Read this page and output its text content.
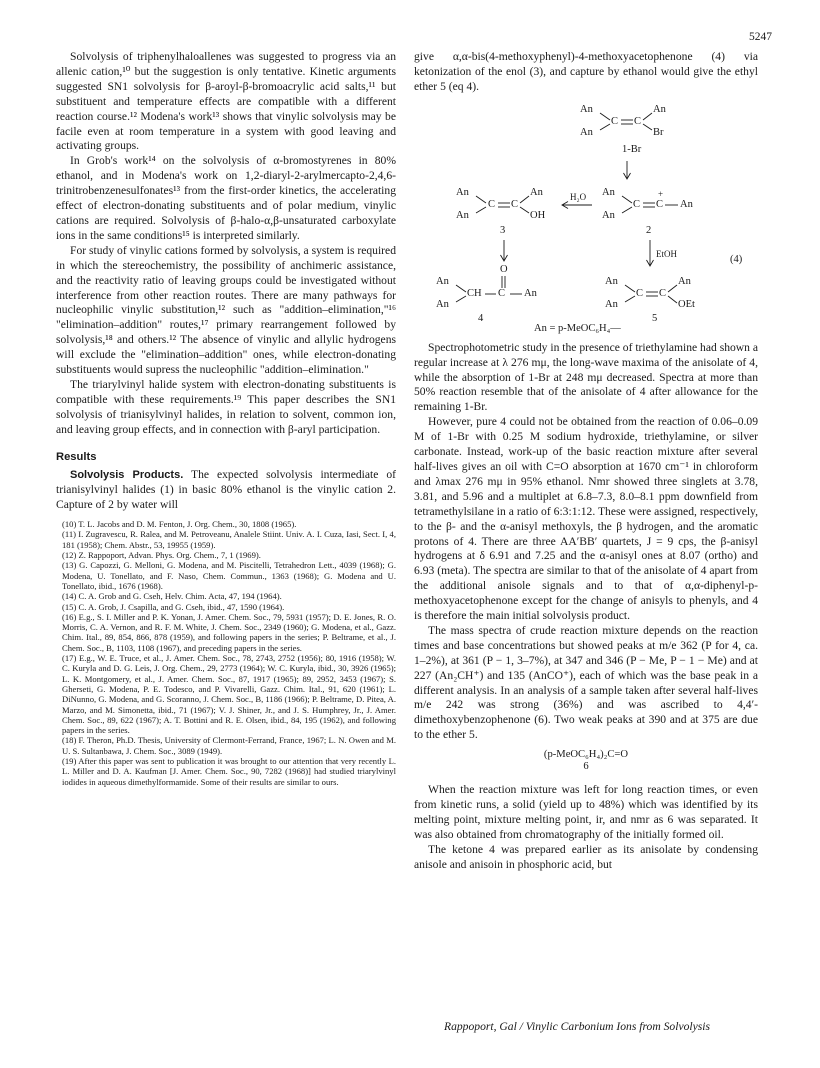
5247

Solvolysis of triphenylhaloallenes was suggested to progress via an allenic cation,¹⁰ but the suggestion is only tentative. Kinetic arguments suggested SN1 solvolysis for β-aroyl-β-bromoacrylic acid salts,¹¹ but substituent and temperature effects are compatible with a different reaction course.¹² Modena's work¹³ shows that vinylic solvolysis may be facile even at room temperature in a system with good leaving and activating groups.

In Grob's work¹⁴ on the solvolysis of α-bromostyrenes in 80% ethanol, and in Modena's work on 1,2-diaryl-2-arylmercapto-2,4,6-trinitrobenzenesulfonates¹³ from the first-order kinetics, the accelerating effect of electron-donating substituents and of polar medium, vinylic cations are required. Solvolysis of β-halo-α,β-unsaturated carboxylate ions in the same conditions¹⁵ is interpreted similarly.

For study of vinylic cations formed by solvolysis, a system is required in which the stereochemistry, the possibility of anchimeric assistance, and the reactivity ratio of leaving groups could be investigated without interference from other reaction routes. There are many pathways for nucleophilic vinylic substitution,¹² such as "addition–elimination,"¹⁶ "elimination–addition" routes,¹⁷ primary rearrangement followed by solvolysis,¹⁸ and others.¹² The absence of vinylic and allylic hydrogens will exclude the "elimination–addition" ones, while electron-donating substituents would supress the nucleophilic "addition–elimination."

The triarylvinyl halide system with electron-donating substituents is compatible with these requirements.¹⁹ This paper describes the SN1 solvolysis of trianisylvinyl halides, in relation to solvent, common ion, and leaving group effects, and in connection with β-aryl participation.

Results

Solvolysis Products. The expected solvolysis intermediate of trianisylvinyl halides (1) in basic 80% ethanol is the vinylic cation 2. Capture of 2 by water will

(10) T. L. Jacobs and D. M. Fenton, J. Org. Chem., 30, 1808 (1965).
(11) I. Zugravescu, R. Ralea, and M. Petroveanu, Analele Stiint. Univ. A. I. Cuza, Iasi, Sect. I, 4, 181 (1958); Chem. Abstr., 53, 19955 (1959).
(12) Z. Rappoport, Advan. Phys. Org. Chem., 7, 1 (1969).
(13) G. Capozzi, G. Melloni, G. Modena, and M. Piscitelli, Tetrahedron Lett., 4039 (1968); G. Modena, U. Tonellato, and F. Naso, Chem. Commun., 1363 (1968); G. Modena and U. Tonellato, ibid., 1676 (1968).
(14) C. A. Grob and G. Cseh, Helv. Chim. Acta, 47, 194 (1964).
(15) C. A. Grob, J. Csapilla, and G. Cseh, ibid., 47, 1590 (1964).
(16) E.g., S. I. Miller and P. K. Yonan, J. Amer. Chem. Soc., 79, 5931 (1957); D. E. Jones, R. O. Morris, C. A. Vernon, and R. F. M. White, J. Chem. Soc., 2349 (1960); G. Modena, et al., Gazz. Chim. Ital., 89, 854, 866, 878 (1959), and following papers in the series; P. Beltrame, et al., J. Chem. Soc., B, 1103, 1108 (1967), and preceding papers in the series.
(17) E.g., W. E. Truce, et al., J. Amer. Chem. Soc., 78, 2743, 2752 (1956); 80, 1916 (1958); W. C. Kuryla and D. G. Leis, J. Org. Chem., 29, 2773 (1964); W. C. Kuryla, ibid., 30, 3926 (1965); L. K. Montgomery, et al., J. Amer. Chem. Soc., 87, 1917 (1965); 89, 2952, 3453 (1967); S. Gherseti, G. Modena, P. E. Todesco, and P. Vivarelli, Gazz. Chim. Ital., 91, 620 (1961); L. DiNunno, G. Modena, and G. Scoranno, J. Chem. Soc., B, 1186 (1966); P. Beltrame, D. Pitea, A. Marzo, and M. Simonetta, ibid., 71 (1967); V. J. Shiner, Jr., and J. S. Humphrey, Jr., J. Amer. Chem. Soc., 89, 622 (1967); A. T. Bottini and R. E. Olsen, ibid., 84, 195 (1962), and following papers in the series.
(18) F. Theron, Ph.D. Thesis, University of Clermont-Ferrand, France, 1967; L. N. Owen and M. U. S. Sultanbawa, J. Chem. Soc., 3089 (1949).
(19) After this paper was sent to publication it was brought to our attention that very recently L. L. Miller and D. A. Kaufman [J. Amer. Chem. Soc., 90, 7282 (1968)] had studied triarylvinyl iodides in aqueous dimethylformamide. Some of their results are similar to ours.

give α,α-bis(4-methoxyphenyl)-4-methoxyacetophenone (4) via ketonization of the enol (3), and capture by ethanol would give the ethyl ether 5 (eq 4).

An
An
C C
An
Br
1-Br
An
An
C C
An
OH
3
H₂O An
An
C C
+
An
2
EtOH	(4)
O
An
An
CH C An
4
An
An
C C
An
OEt
5
An = p-MeOC₆H₄—

Spectrophotometric study in the presence of triethylamine had shown a regular increase at λ 276 mμ, the long-wave maxima of the anisolate of 4, while the absorption of 1-Br at 248 mμ decreased. Spectra at more than 50% reaction resemble that of the anisolate of 4 after allowance for the remaining 1-Br.

However, pure 4 could not be obtained from the reaction of 0.06–0.09 M of 1-Br with 0.25 M sodium hydroxide, triethylamine, or silver carbonate. Instead, work-up of the basic reaction mixture after several half-lives gives an oil with C=O absorption at 1670 cm⁻¹ in chloroform and λmax 276 mμ in 95% ethanol. Nmr showed three singlets at 3.78, 3.81, and 5.96 and a multiplet at 6.8–7.3, 8.0–8.1 ppm downfield from tetramethylsilane in a ratio of 6:3:1:12. These were assigned, respectively, to the β- and the α-anisyl methoxyls, the β hydrogen, and the aromatic protons of 4. There are three AA′BB′ quartets, J = 9 cps, the β-anisyl hydrogens at δ 6.91 and 7.25 and the α-anisyl ones at 8.07 (ortho) and 6.93 (meta). The spectra are similar to that of the anisolate of 4 apart from the additional anisole signals and to that of α,α-diphenyl-p-methoxyacetophenone except for the change of anisyls to phenyls, and 4 is therefore the main initial solvolysis product.

The mass spectra of crude reaction mixture depends on the reaction times and base concentrations but showed peaks at m/e 362 (P for 4, ca. 1–2%), at 361 (P − 1, 3–7%), at 347 and 346 (P − Me, P − 1 − Me) and at 227 (An₂CH⁺) and 135 (AnCO⁺), each of which was the base peak in a different analysis. In an analysis of a sample taken after several half-lives m/e 242 was strong (36%) and was ascribed to 4,4′-dimethoxybenzophenone (6). Two weak peaks at 390 and at 375 are due to the ether 5.

(p-MeOC₆H₄)₂C=O
6

When the reaction mixture was left for long reaction times, or even from kinetic runs, a solid (yield up to 48%) which was identified by its melting point, mixture melting point, ir, and nmr as 6 was separated. It was also obtained from chromatography of the initially formed oil.

The ketone 4 was prepared earlier as its anisolate by condensing anisole and anisoin in phosphoric acid, but

Rappoport, Gal / Vinylic Carbonium Ions from Solvolysis
